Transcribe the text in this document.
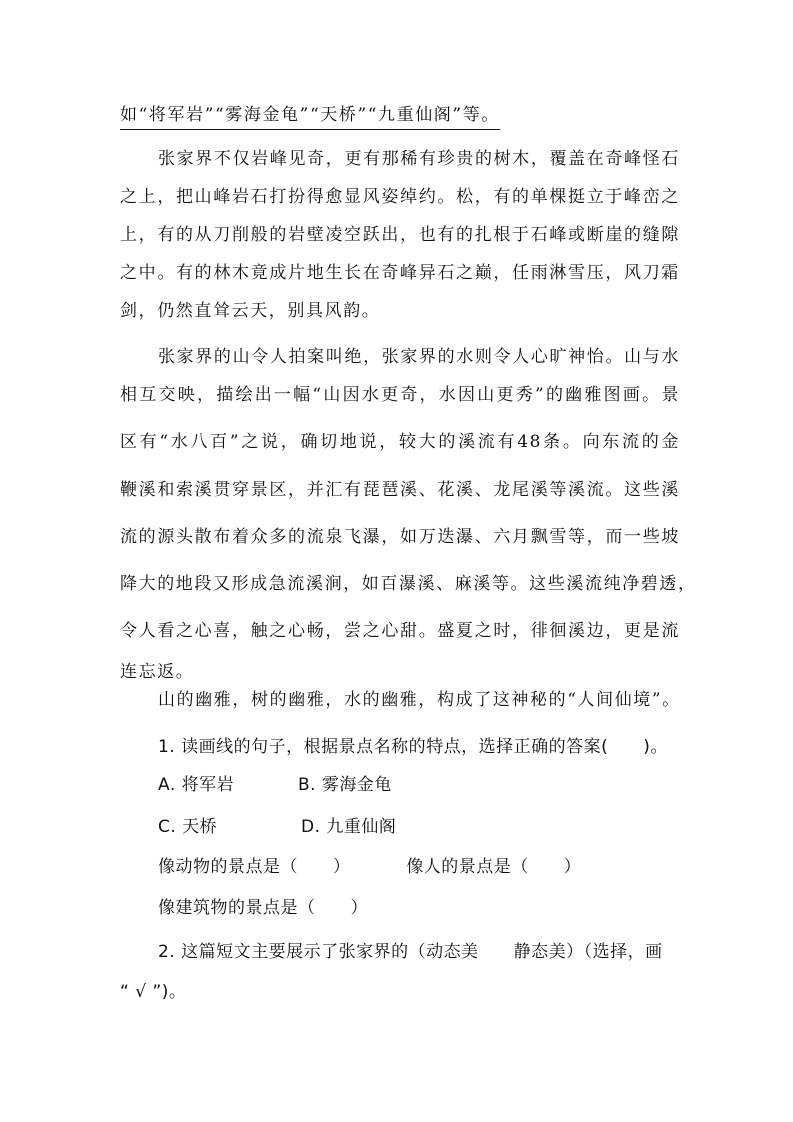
如“将军岩”“雾海金龟”“天桥”“九重仙阁”等。
张家界不仅岩峰见奇，更有那稀有珍贵的树木，覆盖在奇峰怪石
之上，把山峰岩石打扮得愈显风姿绰约。松，有的单棵挺立于峰峦之
上，有的从刀削般的岩壁凌空跃出，也有的扎根于石峰或断崖的缝隙
之中。有的林木竟成片地生长在奇峰异石之巅，任雨淋雪压，风刀霜
剑，仍然直耸云天，别具风韵。
张家界的山令人拍案叫绝，张家界的水则令人心旷神怡。山与水
相互交映，描绘出一幅“山因水更奇，水因山更秀”的幽雅图画。景
区有“水八百”之说，确切地说，较大的溪流有48条。向东流的金
鞭溪和索溪贯穿景区，并汇有琵琶溪、花溪、龙尾溪等溪流。这些溪
流的源头散布着众多的流泉飞瀑，如万迭瀑、六月飘雪等，而一些坡
降大的地段又形成急流溪涧，如百瀑溪、麻溪等。这些溪流纯净碧透，
令人看之心喜，触之心畅，尝之心甜。盛夏之时，徘徊溪边，更是流
连忘返。
山的幽雅，树的幽雅，水的幽雅，构成了这神秘的“人间仙境”。
1. 读画线的句子，根据景点名称的特点，选择正确的答案(　　)。
A. 将军岩	B. 雾海金龟
C. 天桥	D. 九重仙阁
像动物的景点是（　　）	像人的景点是（　　）
像建筑物的景点是（　　）
2. 这篇短文主要展示了张家界的（动态美　　静态美）（选择，画
“ √ ”)。
